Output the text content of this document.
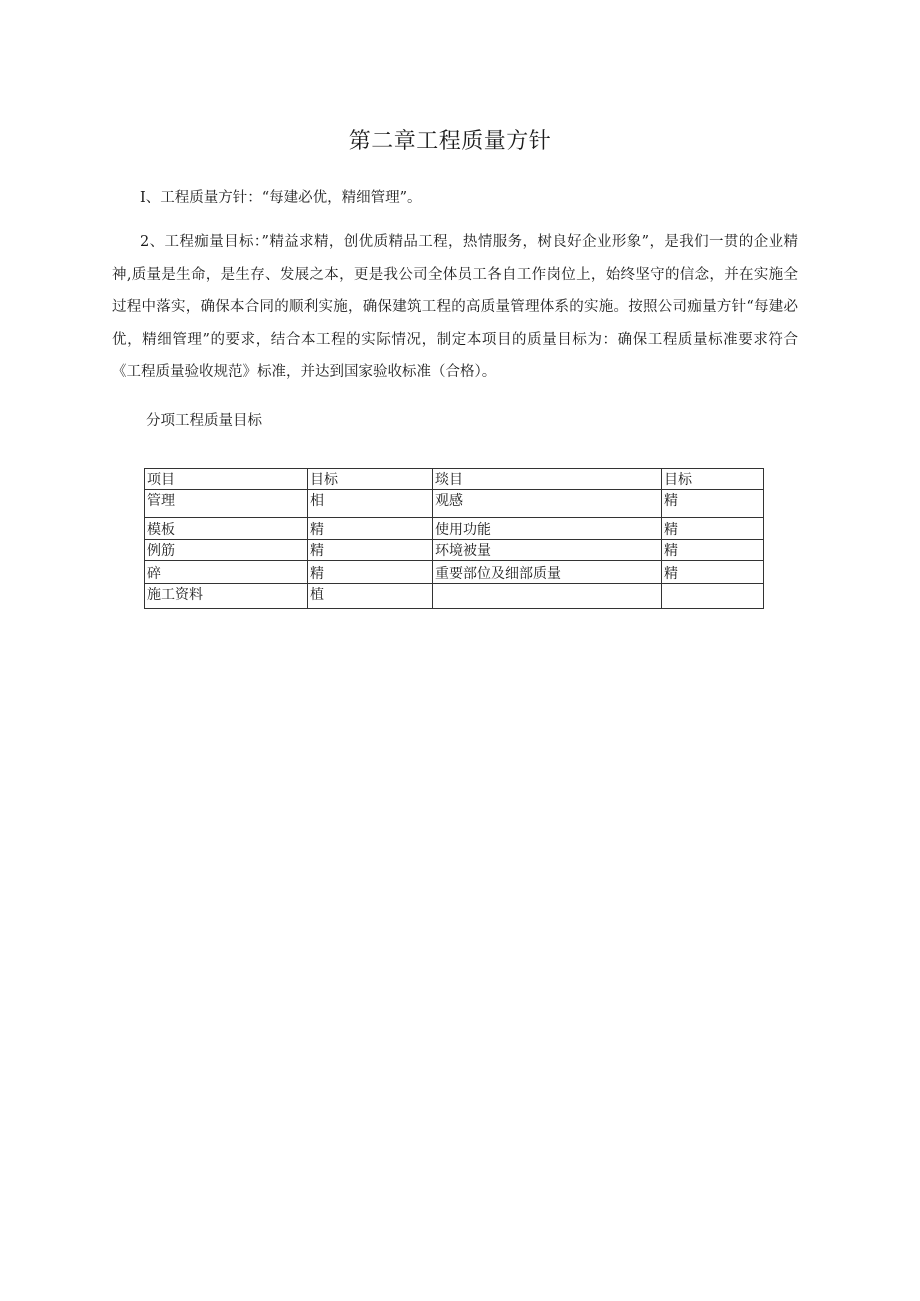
第二章工程质量方针

I、工程质量方针：“每建必优，精细管理”。

2、工程痂量目标：”精益求精，创优质精品工程，热情服务，树良好企业形象”，是我们一贯的企业精神,质量是生命，是生存、发展之本，更是我公司全体员工各自工作岗位上，始终坚守的信念，并在实施全过程中落实，确保本合同的顺利实施，确保建筑工程的高质量管理体系的实施。按照公司痂量方针“每建必优，精细管理”的要求，结合本工程的实际情况，制定本项目的质量目标为：确保工程质量标准要求符合《工程质量验收规范》标准，并达到国家验收标准（合格）。

分项工程质量目标

项目	目标	琰目	目标
管理	相	观感	精
模板	精	使用功能	精
例筋	精	环境被量	精
碎	精	重要部位及细部质量	精
施工资料	植		
